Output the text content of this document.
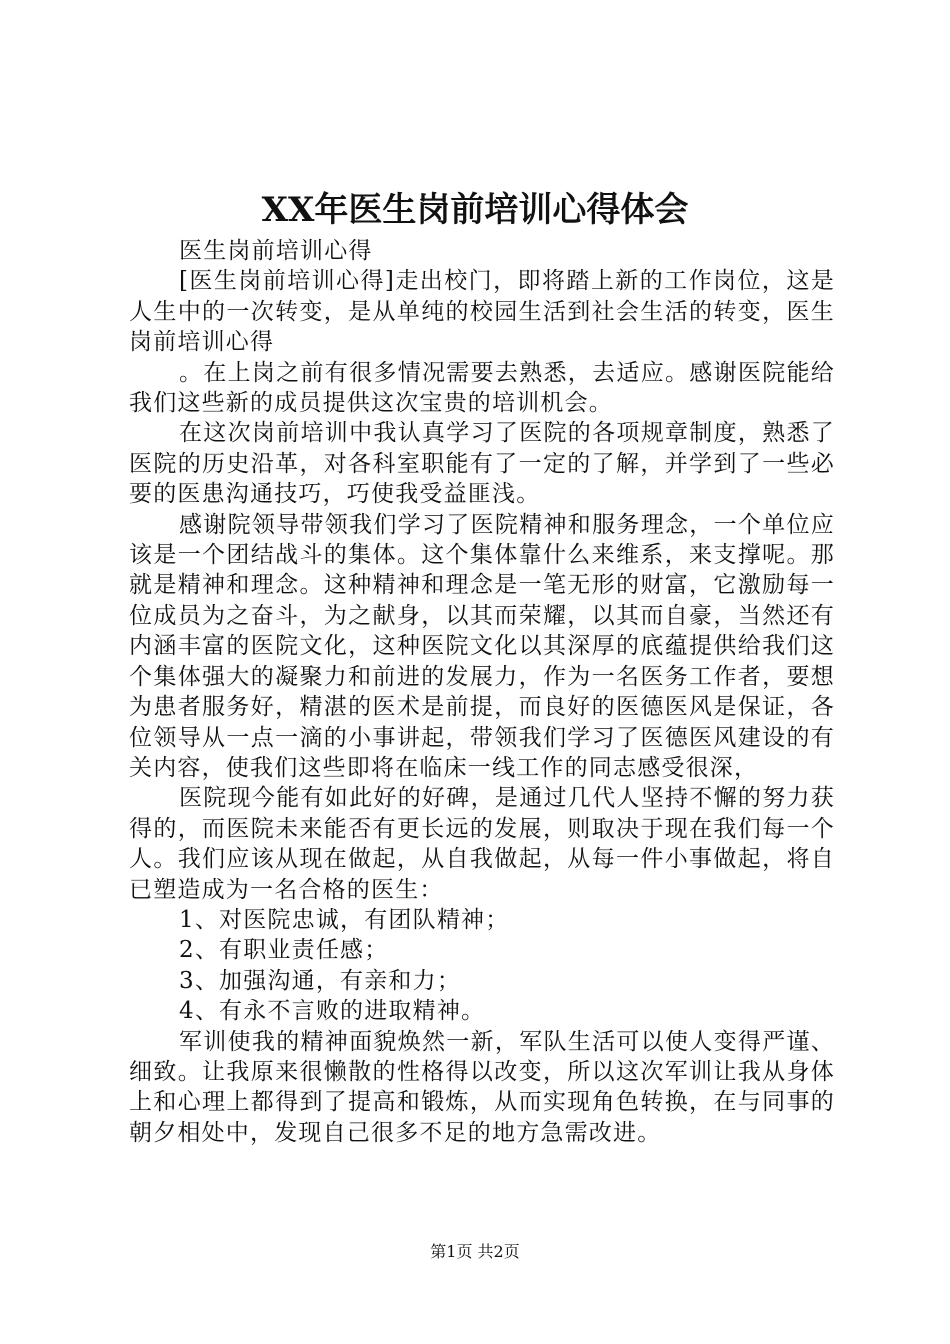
XX年医生岗前培训心得体会

医生岗前培训心得

[医生岗前培训心得]走出校门，即将踏上新的工作岗位，这是人生中的一次转变，是从单纯的校园生活到社会生活的转变，医生岗前培训心得

。在上岗之前有很多情况需要去熟悉，去适应。感谢医院能给我们这些新的成员提供这次宝贵的培训机会。

在这次岗前培训中我认真学习了医院的各项规章制度，熟悉了医院的历史沿革，对各科室职能有了一定的了解，并学到了一些必要的医患沟通技巧，巧使我受益匪浅。

感谢院领导带领我们学习了医院精神和服务理念，一个单位应该是一个团结战斗的集体。这个集体靠什么来维系，来支撑呢。那就是精神和理念。这种精神和理念是一笔无形的财富，它激励每一位成员为之奋斗，为之献身，以其而荣耀，以其而自豪，当然还有内涵丰富的医院文化，这种医院文化以其深厚的底蕴提供给我们这个集体强大的凝聚力和前进的发展力，作为一名医务工作者，要想为患者服务好，精湛的医术是前提，而良好的医德医风是保证，各位领导从一点一滴的小事讲起，带领我们学习了医德医风建设的有关内容，使我们这些即将在临床一线工作的同志感受很深，

医院现今能有如此好的好碑，是通过几代人坚持不懈的努力获得的，而医院未来能否有更长远的发展，则取决于现在我们每一个人。我们应该从现在做起，从自我做起，从每一件小事做起，将自已塑造成为一名合格的医生：

1、对医院忠诚，有团队精神；

2、有职业责任感；

3、加强沟通，有亲和力；

4、有永不言败的进取精神。

军训使我的精神面貌焕然一新，军队生活可以使人变得严谨、细致。让我原来很懒散的性格得以改变，所以这次军训让我从身体上和心理上都得到了提高和锻炼，从而实现角色转换，在与同事的朝夕相处中，发现自己很多不足的地方急需改进。

第1页 共2页
